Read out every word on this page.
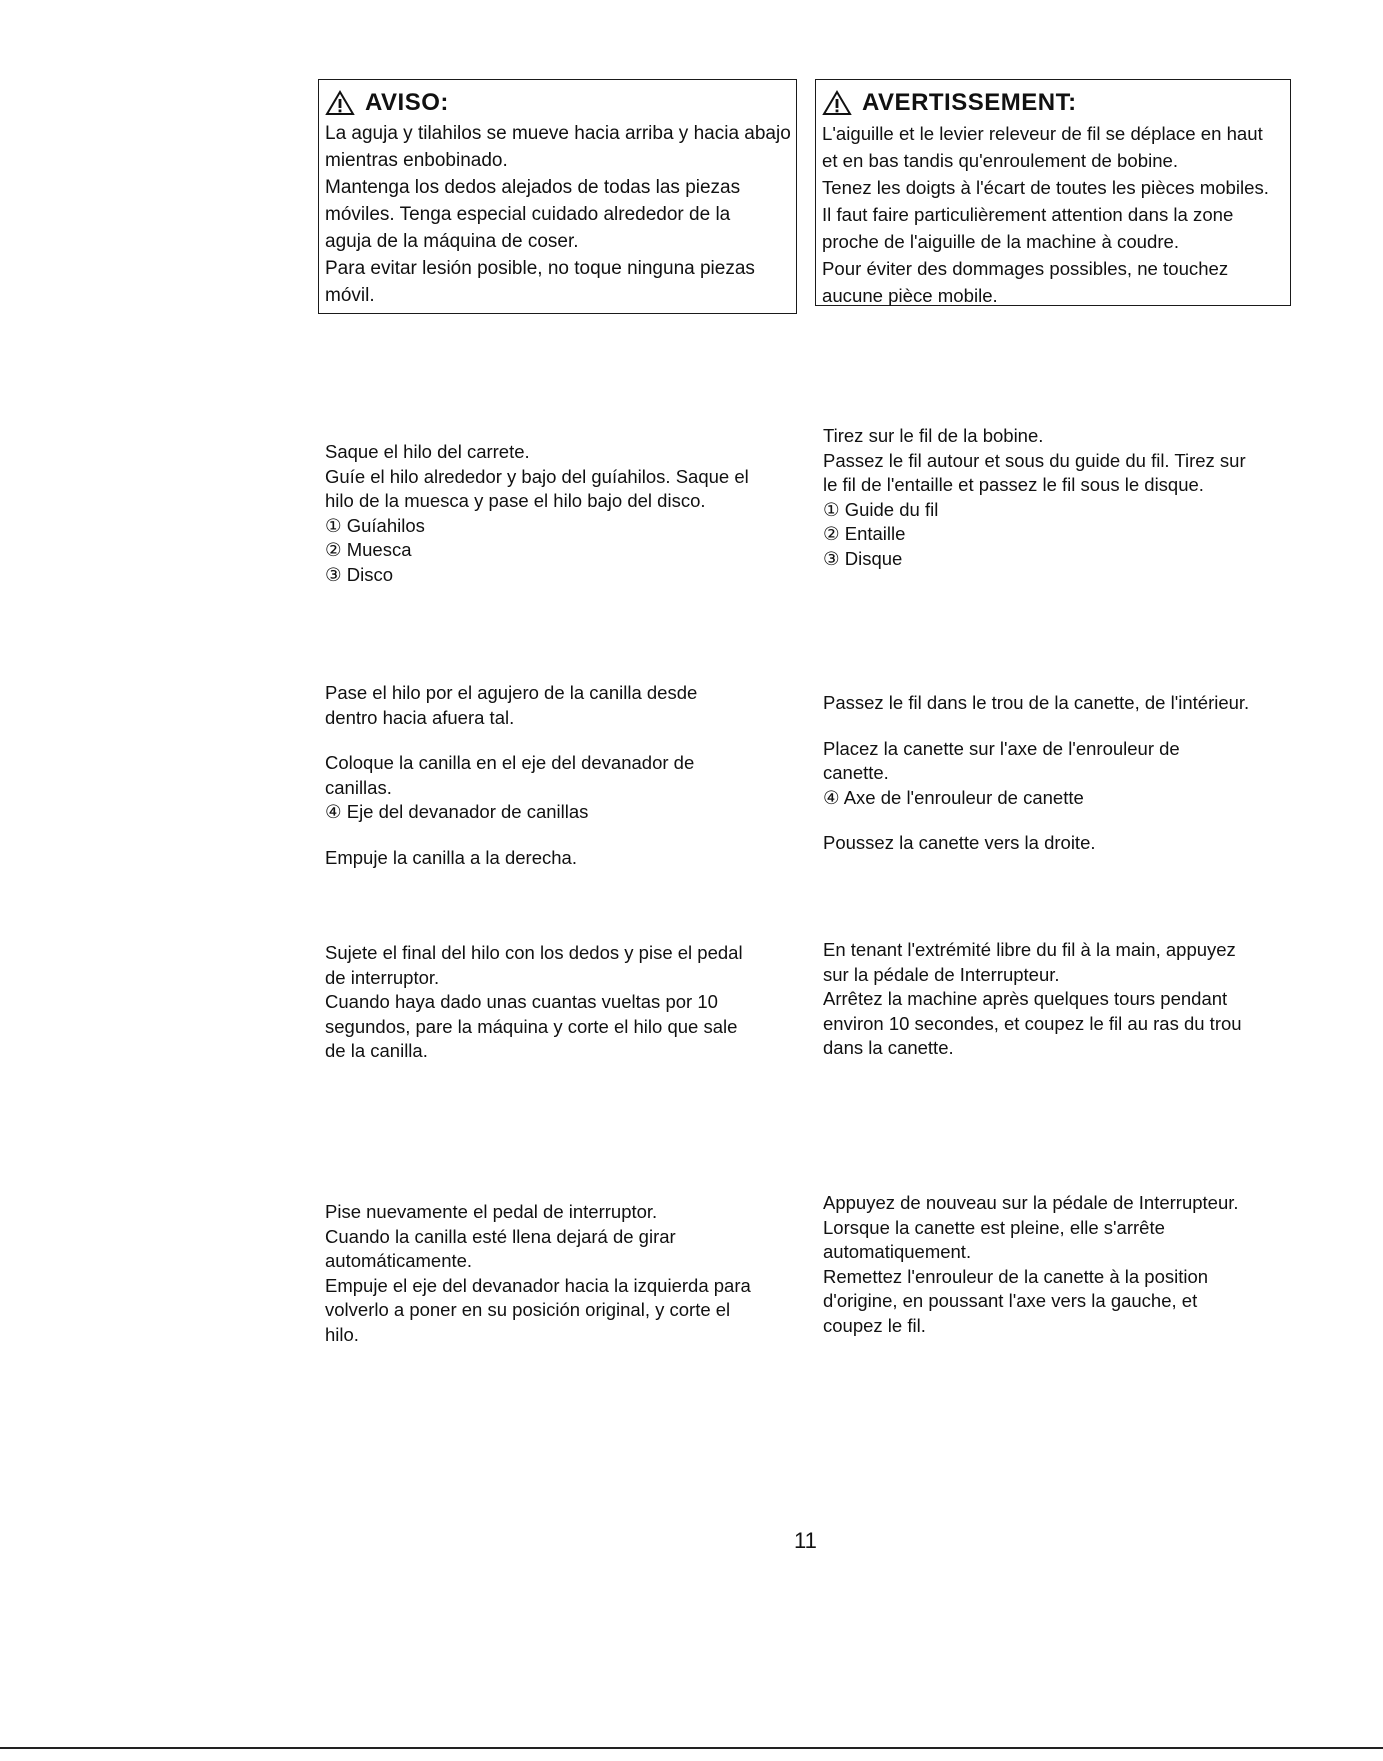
AVISO:
La aguja y tilahilos se mueve hacia arriba y hacia abajo
mientras enbobinado.
Mantenga los dedos alejados de todas las piezas
móviles. Tenga especial cuidado alrededor de la
aguja de la máquina de coser.
Para evitar lesión posible, no toque ninguna piezas
móvil.
AVERTISSEMENT:
L'aiguille et le levier releveur de fil se déplace en haut
et en bas tandis qu'enroulement de bobine.
Tenez les doigts à l'écart de toutes les pièces mobiles.
Il faut faire particulièrement attention dans la zone
proche de l'aiguille de la machine à coudre.
Pour éviter des dommages possibles, ne touchez
aucune pièce mobile.
Saque el hilo del carrete.
Guíe el hilo alrededor y bajo del guíahilos. Saque el
hilo de la muesca y pase el hilo bajo del disco.
① Guíahilos
② Muesca
③ Disco
Tirez sur le fil de la bobine.
Passez le fil autour et sous du guide du fil. Tirez sur
le fil de l'entaille et passez le fil sous le disque.
① Guide du fil
② Entaille
③ Disque
Pase el hilo por el agujero de la canilla desde
dentro hacia afuera tal.
Coloque la canilla en el eje del devanador de
canillas.
④ Eje del devanador de canillas
Empuje la canilla a la derecha.
Passez le fil dans le trou de la canette, de l'intérieur.
Placez la canette sur l'axe de l'enrouleur de
canette.
④ Axe de l'enrouleur de canette
Poussez la canette vers la droite.
Sujete el final del hilo con los dedos y pise el pedal
de interruptor.
Cuando haya dado unas cuantas vueltas por 10
segundos, pare la máquina y corte el hilo que sale
de la canilla.
En tenant l'extrémité libre du fil à la main, appuyez
sur la pédale de Interrupteur.
Arrêtez la machine après quelques tours pendant
environ 10 secondes, et coupez le fil au ras du trou
dans la canette.
Pise nuevamente el pedal de interruptor.
Cuando la canilla esté llena dejará de girar
automáticamente.
Empuje el eje del devanador hacia la izquierda para
volverlo a poner en su posición original, y corte el
hilo.
Appuyez de nouveau sur la pédale de Interrupteur.
Lorsque la canette est pleine, elle s'arrête
automatiquement.
Remettez l'enrouleur de la canette à la position
d'origine, en poussant l'axe vers la gauche, et
coupez le fil.
11
